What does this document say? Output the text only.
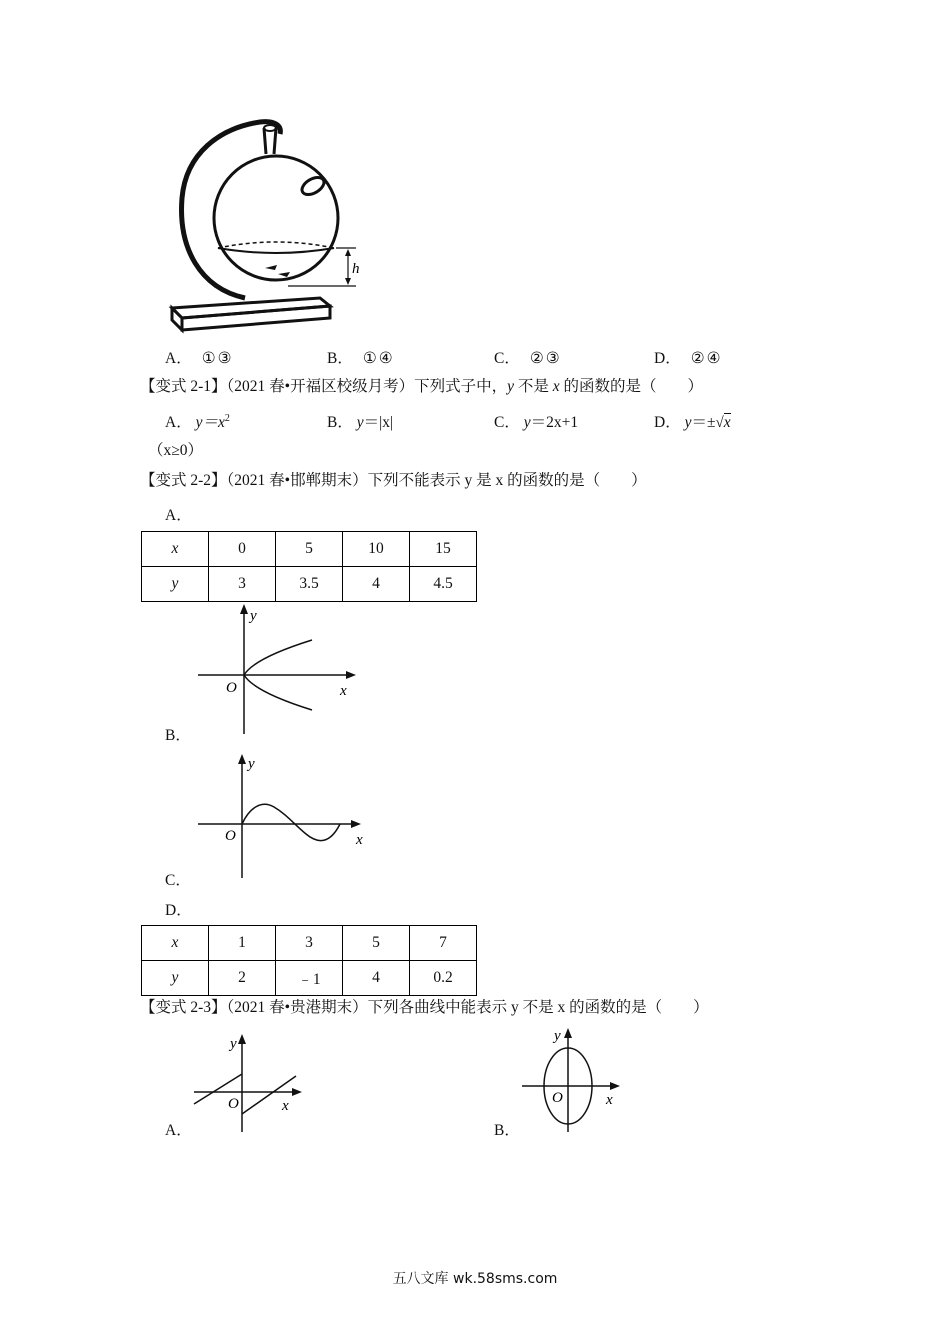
h
A． ①③	B． ①④	C． ②③	D． ②④
【变式 2-1】（2021 春•开福区校级月考）下列式子中，y 不是 x 的函数的是（　　）
A． $y=x^2$	B． y＝|x|	C． y＝2x+1	D． y＝±√x
（x≥0）
【变式 2-2】（2021 春•邯郸期末）下列不能表示 y 是 x 的函数的是（　　）
A．
x	0	5	10	15
y	3	3.5	4	4.5
y
x
O
B．
y
x
O
C．
D．
x	1	3	5	7
y	2	﹣1	4	0.2
【变式 2-3】（2021 春•贵港期末）下列各曲线中能表示 y 不是 x 的函数的是（　　）
y
x
O
A．
y
x
O
B．
五八文库 wk.58sms.com
